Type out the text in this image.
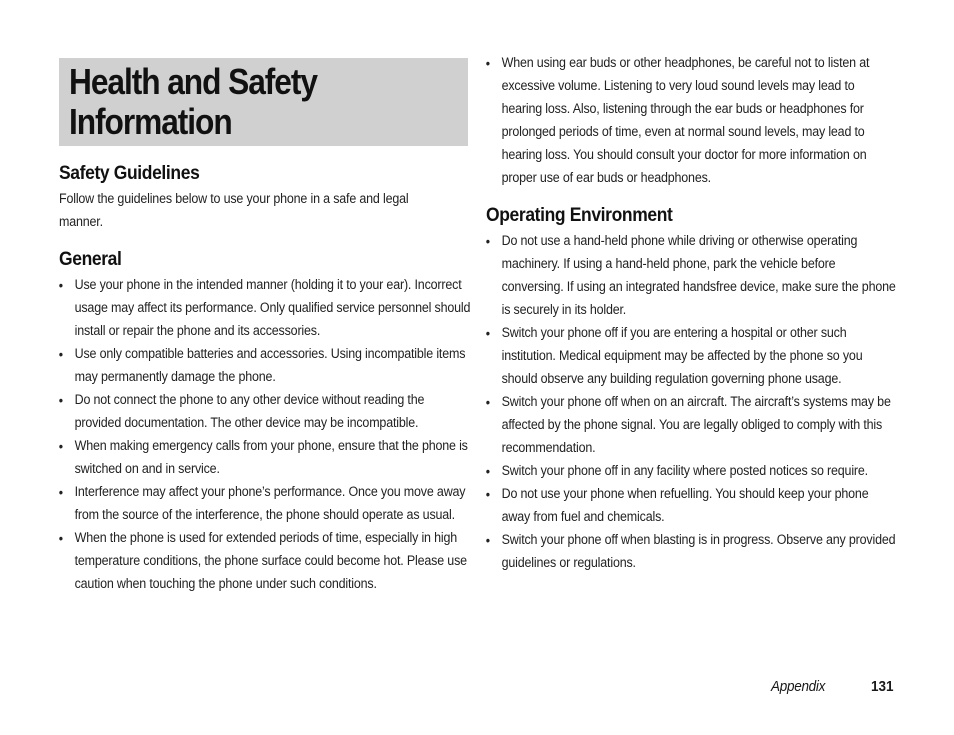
Health and Safety
Information
Safety Guidelines

Follow the guidelines below to use your phone in a safe and legal manner.

General
• Use your phone in the intended manner (holding it to your ear). Incorrect usage may affect its performance. Only qualified service personnel should install or repair the phone and its accessories.
• Use only compatible batteries and accessories. Using incompatible items may permanently damage the phone.
• Do not connect the phone to any other device without reading the provided documentation. The other device may be incompatible.
• When making emergency calls from your phone, ensure that the phone is switched on and in service.
• Interference may affect your phone’s performance. Once you move away from the source of the interference, the phone should operate as usual.
• When the phone is used for extended periods of time, especially in high temperature conditions, the phone surface could become hot. Please use caution when touching the phone under such conditions.
• When using ear buds or other headphones, be careful not to listen at excessive volume. Listening to very loud sound levels may lead to hearing loss. Also, listening through the ear buds or headphones for prolonged periods of time, even at normal sound levels, may lead to hearing loss. You should consult your doctor for more information on proper use of ear buds or headphones.
Operating Environment
• Do not use a hand-held phone while driving or otherwise operating machinery. If using a hand-held phone, park the vehicle before conversing. If using an integrated handsfree device, make sure the phone is securely in its holder.
• Switch your phone off if you are entering a hospital or other such institution. Medical equipment may be affected by the phone so you should observe any building regulation governing phone usage.
• Switch your phone off when on an aircraft. The aircraft’s systems may be affected by the phone signal. You are legally obliged to comply with this recommendation.
• Switch your phone off in any facility where posted notices so require.
• Do not use your phone when refuelling. You should keep your phone away from fuel and chemicals.
• Switch your phone off when blasting is in progress. Observe any provided guidelines or regulations.
Appendix	131
